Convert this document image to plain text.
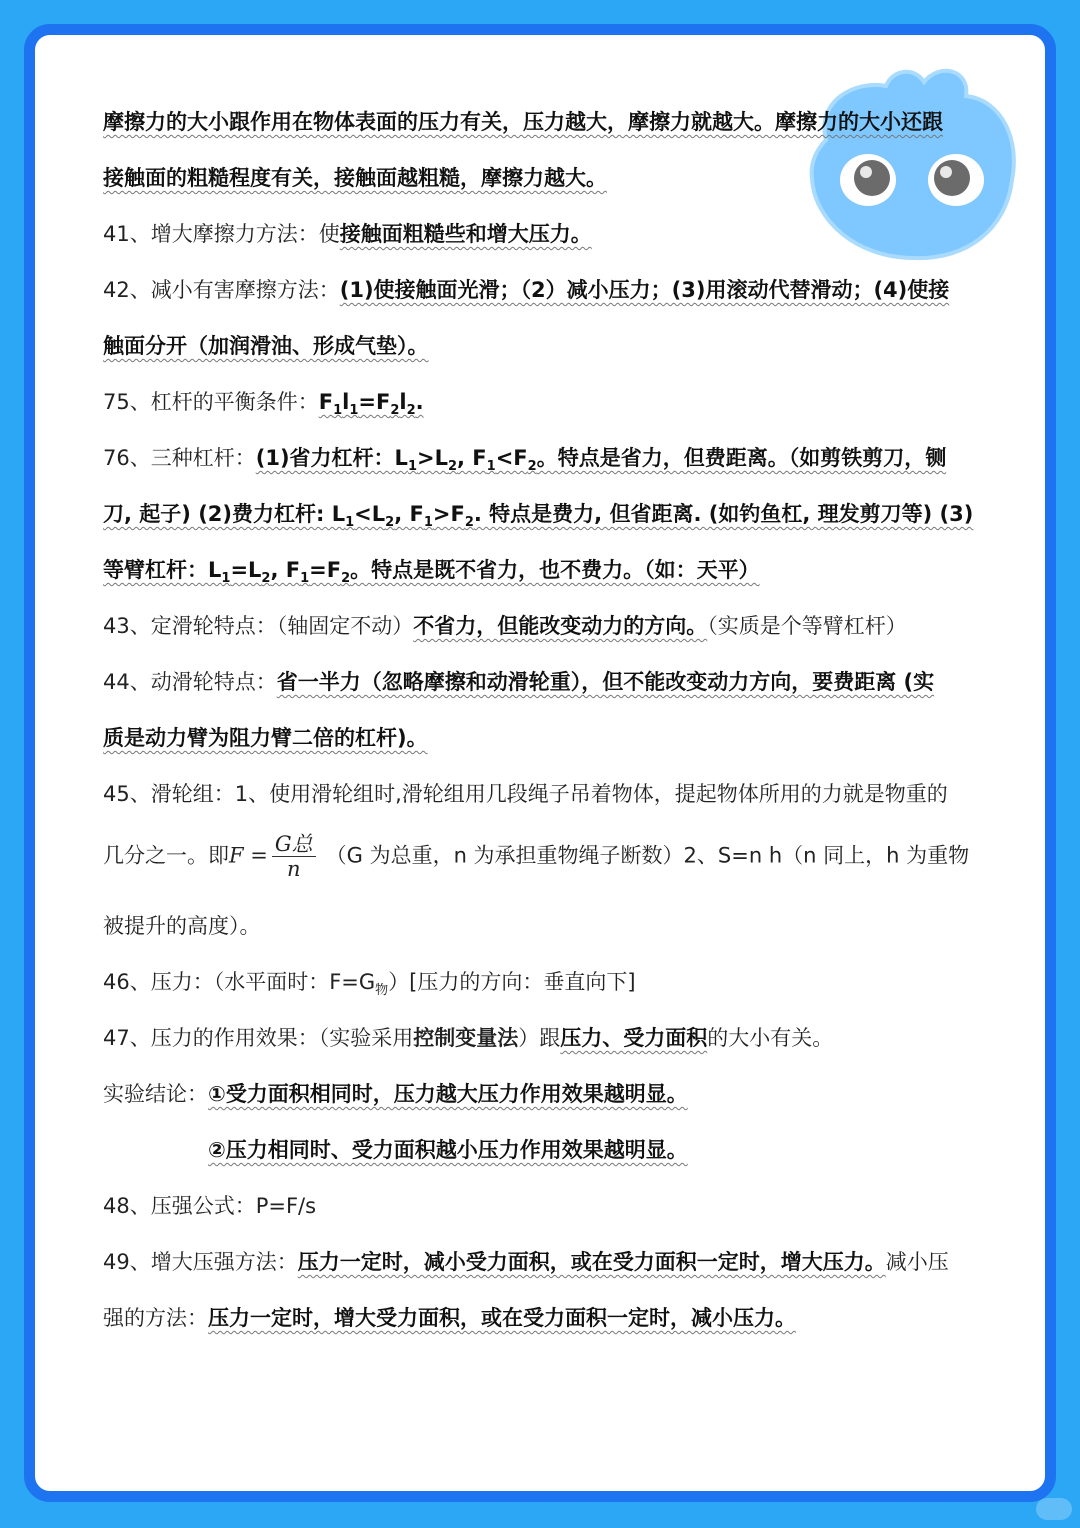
摩擦力的大小跟作用在物体表面的压力有关，压力越大，摩擦力就越大。摩擦力的大小还跟
接触面的粗糙程度有关，接触面越粗糙，摩擦力越大。
41、增大摩擦力方法：使接触面粗糙些和增大压力。
42、减小有害摩擦方法：(1)使接触面光滑；（2）减小压力；(3)用滚动代替滑动；(4)使接
触面分开（加润滑油、形成气垫）。
75、杠杆的平衡条件：$F_1l_1=F_2l_2$.
76、三种杠杆：(1)省力杠杆：$L_1>L_2$, $F_1<F_2$。特点是省力，但费距离。（如剪铁剪刀，铡
刀, 起子) (2)费力杠杆: $L_1<L_2$, $F_1>F_2$. 特点是费力, 但省距离. (如钓鱼杠, 理发剪刀等) (3)
等臂杠杆：$L_1=L_2$, $F_1=F_2$。特点是既不省力，也不费力。（如：天平）
43、定滑轮特点：（轴固定不动）不省力，但能改变动力的方向。（实质是个等臂杠杆）
44、动滑轮特点：省一半力（忽略摩擦和动滑轮重），但不能改变动力方向，要费距离 (实
质是动力臂为阻力臂二倍的杠杆)。
45、滑轮组：1、使用滑轮组时,滑轮组用几段绳子吊着物体，提起物体所用的力就是物重的
几分之一。即$F = \frac{\text{G总}}{n} (G$ 为总重，n 为承担重物绳子断数）2、S=n h（n 同上，h 为重物
被提升的高度）。
46、压力：（水平面时：$F=G_物$）[压力的方向：垂直向下]
47、压力的作用效果：（实验采用控制变量法）跟压力、受力面积的大小有关。
实验结论：①受力面积相同时，压力越大压力作用效果越明显。
②压力相同时、受力面积越小压力作用效果越明显。
48、压强公式：P=F/s
49、增大压强方法：压力一定时，减小受力面积，或在受力面积一定时，增大压力。减小压
强的方法：压力一定时，增大受力面积，或在受力面积一定时，减小压力。
